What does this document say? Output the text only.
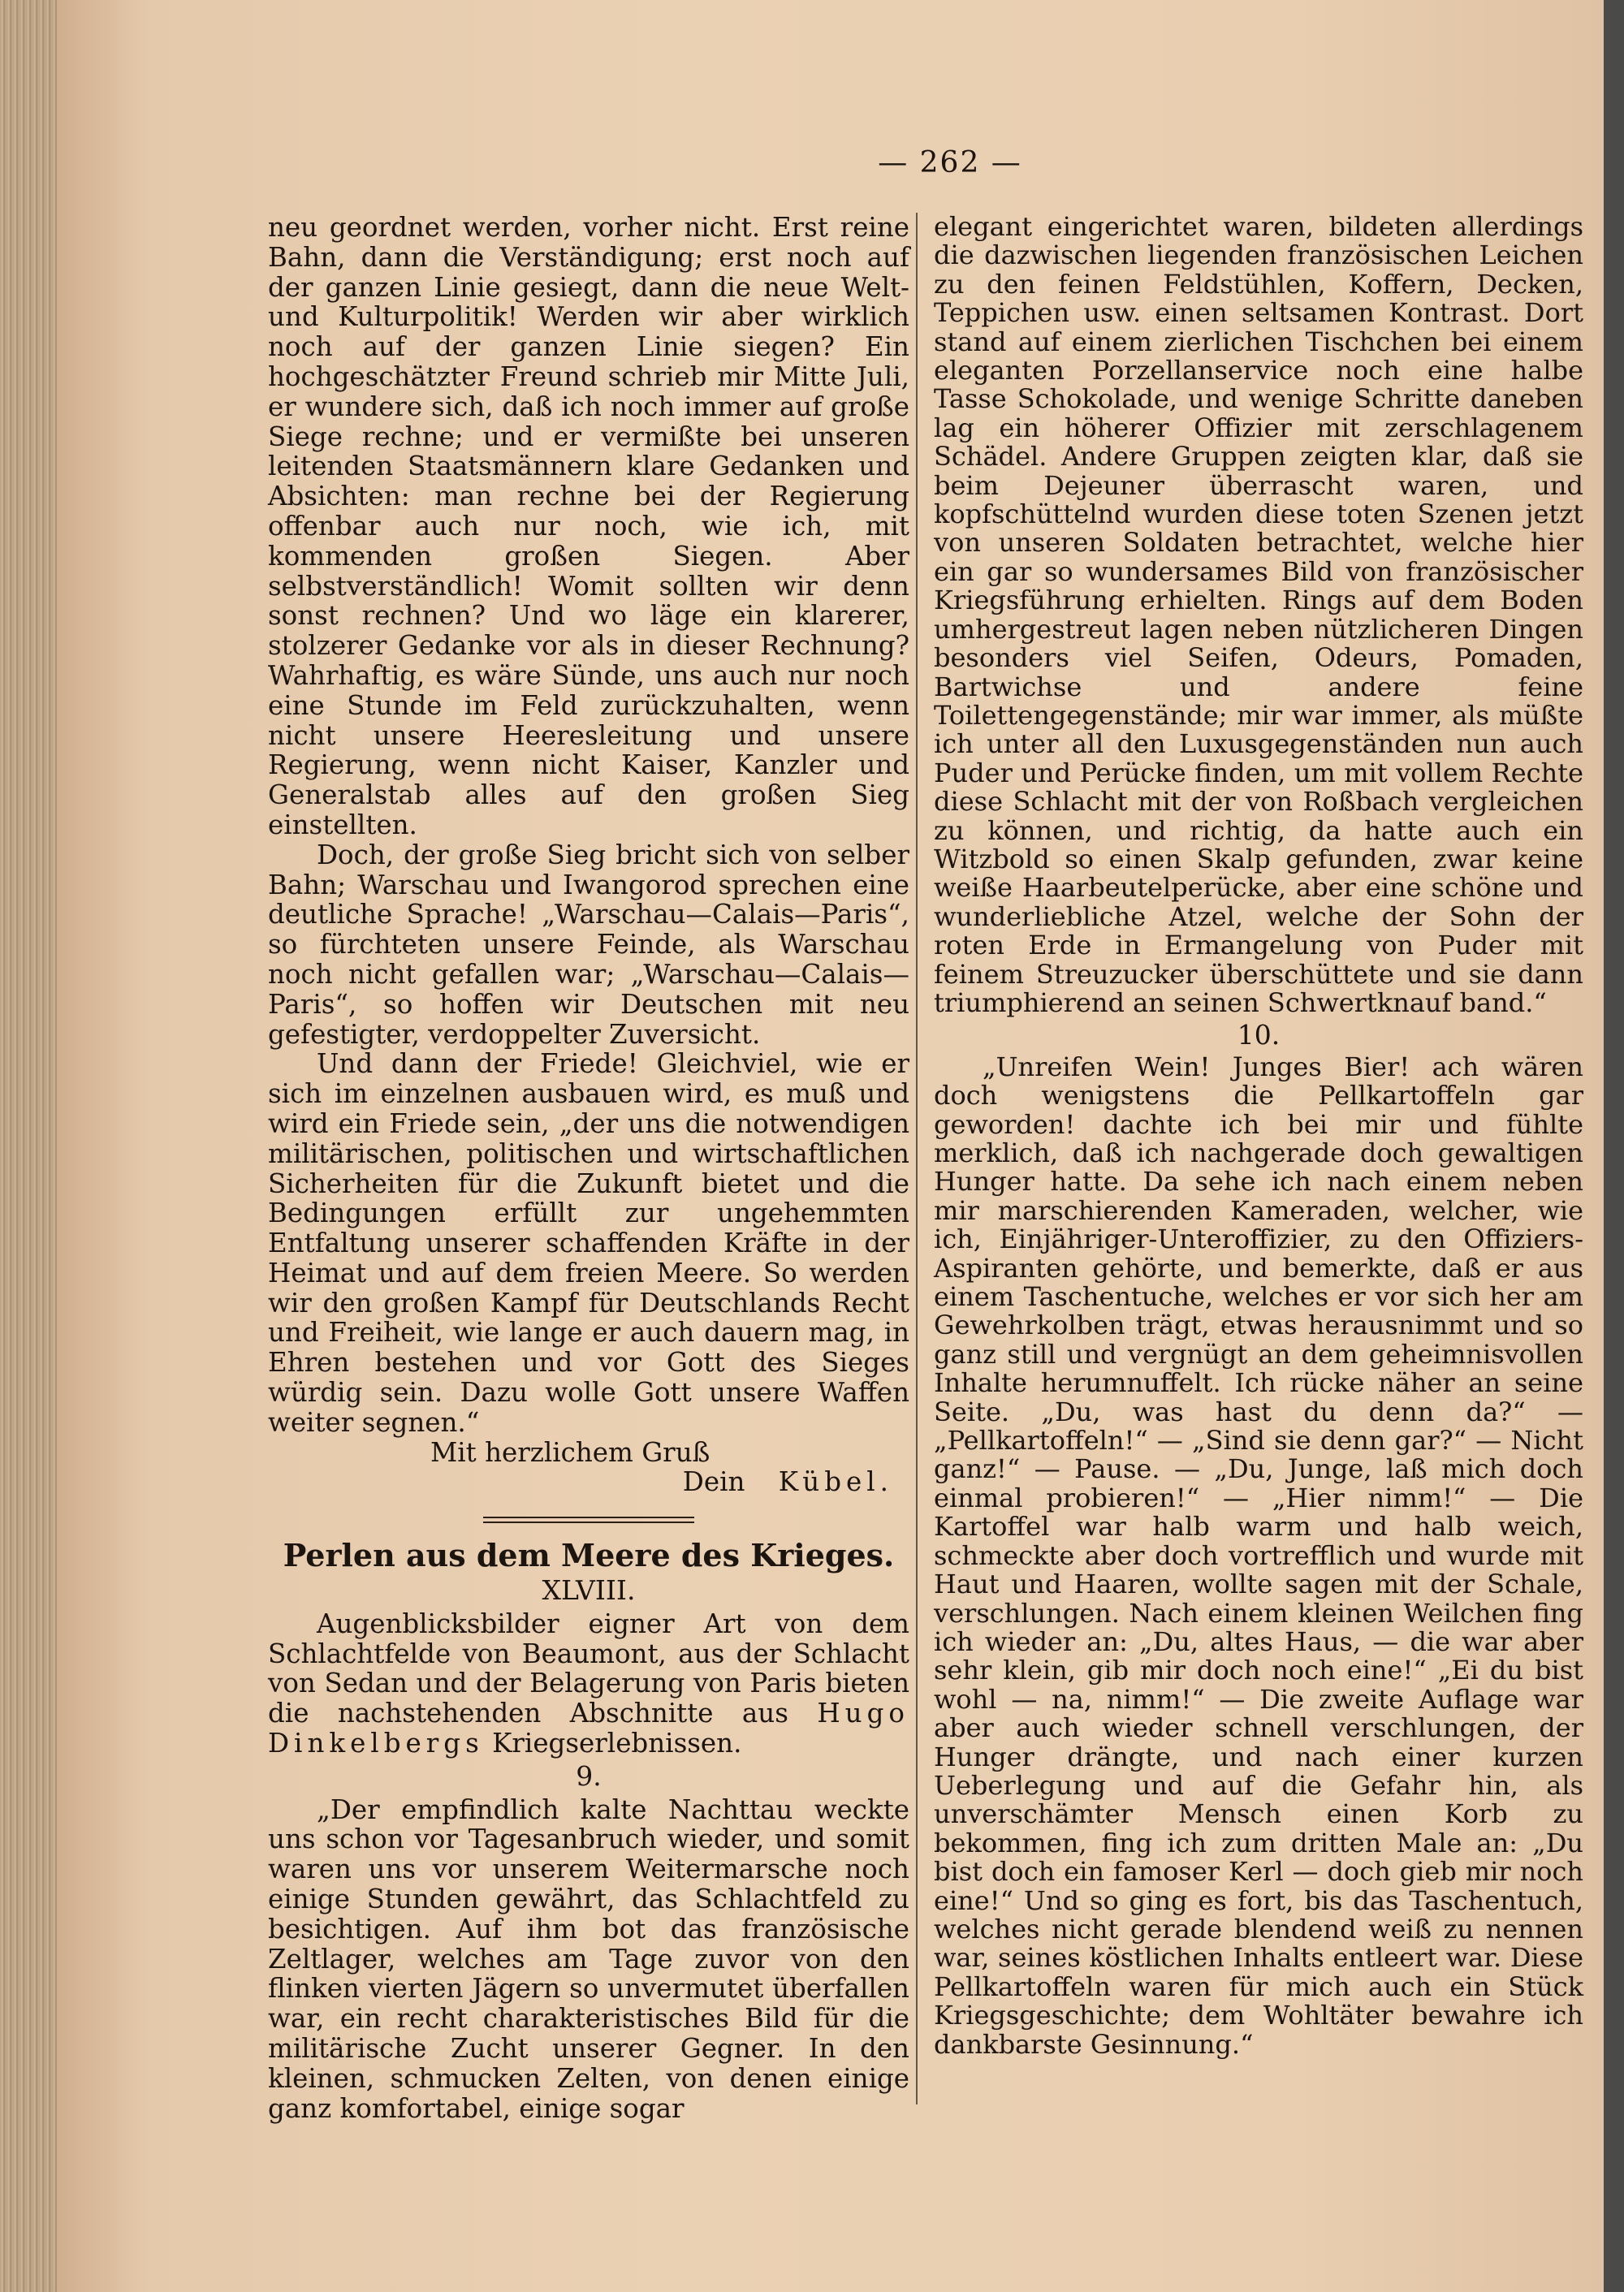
— 262 —

neu geordnet werden, vorher nicht. Erst reine Bahn, dann die Verständigung; erst noch auf der ganzen Linie gesiegt, dann die neue Welt- und Kulturpolitik! Werden wir aber wirklich noch auf der ganzen Linie siegen? Ein hochgeschätzter Freund schrieb mir Mitte Juli, er wundere sich, daß ich noch immer auf große Siege rechne; und er vermißte bei unseren leitenden Staatsmännern klare Gedanken und Absichten: man rechne bei der Regierung offenbar auch nur noch, wie ich, mit kommenden großen Siegen. Aber selbstverständlich! Womit sollten wir denn sonst rechnen? Und wo läge ein klarerer, stolzerer Gedanke vor als in dieser Rechnung? Wahrhaftig, es wäre Sünde, uns auch nur noch eine Stunde im Feld zurückzuhalten, wenn nicht unsere Heeresleitung und unsere Regierung, wenn nicht Kaiser, Kanzler und Generalstab alles auf den großen Sieg einstellten.

Doch, der große Sieg bricht sich von selber Bahn; Warschau und Iwangorod sprechen eine deutliche Sprache! „Warschau—Calais—Paris“, so fürchteten unsere Feinde, als Warschau noch nicht gefallen war; „Warschau—Calais—Paris“, so hoffen wir Deutschen mit neu gefestigter, verdoppelter Zuversicht.

Und dann der Friede! Gleichviel, wie er sich im einzelnen ausbauen wird, es muß und wird ein Friede sein, „der uns die notwendigen militärischen, politischen und wirtschaftlichen Sicherheiten für die Zukunft bietet und die Bedingungen erfüllt zur ungehemmten Entfaltung unserer schaffenden Kräfte in der Heimat und auf dem freien Meere. So werden wir den großen Kampf für Deutschlands Recht und Freiheit, wie lange er auch dauern mag, in Ehren bestehen und vor Gott des Sieges würdig sein. Dazu wolle Gott unsere Waffen weiter segnen.“

Mit herzlichem Gruß

Dein Kübel.

Perlen aus dem Meere des Krieges.
XLVIII.

Augenblicksbilder eigner Art von dem Schlachtfelde von Beaumont, aus der Schlacht von Sedan und der Belagerung von Paris bieten die nachstehenden Abschnitte aus Hugo Dinkelbergs Kriegserlebnissen.

9.

„Der empfindlich kalte Nachttau weckte uns schon vor Tagesanbruch wieder, und somit waren uns vor unserem Weitermarsche noch einige Stunden gewährt, das Schlachtfeld zu besichtigen. Auf ihm bot das französische Zeltlager, welches am Tage zuvor von den flinken vierten Jägern so unvermutet überfallen war, ein recht charakteristisches Bild für die militärische Zucht unserer Gegner. In den kleinen, schmucken Zelten, von denen einige ganz komfortabel, einige sogar

elegant eingerichtet waren, bildeten allerdings die dazwischen liegenden französischen Leichen zu den feinen Feldstühlen, Koffern, Decken, Teppichen usw. einen seltsamen Kontrast. Dort stand auf einem zierlichen Tischchen bei einem eleganten Porzellanservice noch eine halbe Tasse Schokolade, und wenige Schritte daneben lag ein höherer Offizier mit zerschlagenem Schädel. Andere Gruppen zeigten klar, daß sie beim Dejeuner überrascht waren, und kopfschüttelnd wurden diese toten Szenen jetzt von unseren Soldaten betrachtet, welche hier ein gar so wundersames Bild von französischer Kriegsführung erhielten. Rings auf dem Boden umhergestreut lagen neben nützlicheren Dingen besonders viel Seifen, Odeurs, Pomaden, Bartwichse und andere feine Toilettengegenstände; mir war immer, als müßte ich unter all den Luxusgegenständen nun auch Puder und Perücke finden, um mit vollem Rechte diese Schlacht mit der von Roßbach vergleichen zu können, und richtig, da hatte auch ein Witzbold so einen Skalp gefunden, zwar keine weiße Haarbeutelperücke, aber eine schöne und wunderliebliche Atzel, welche der Sohn der roten Erde in Ermangelung von Puder mit feinem Streuzucker überschüttete und sie dann triumphierend an seinen Schwertknauf band.“

10.

„Unreifen Wein! Junges Bier! ach wären doch wenigstens die Pellkartoffeln gar geworden! dachte ich bei mir und fühlte merklich, daß ich nachgerade doch gewaltigen Hunger hatte. Da sehe ich nach einem neben mir marschierenden Kameraden, welcher, wie ich, Einjähriger-Unteroffizier, zu den Offiziers-Aspiranten gehörte, und bemerkte, daß er aus einem Taschentuche, welches er vor sich her am Gewehrkolben trägt, etwas herausnimmt und so ganz still und vergnügt an dem geheimnisvollen Inhalte herumnuffelt. Ich rücke näher an seine Seite. „Du, was hast du denn da?“ — „Pellkartoffeln!“ — „Sind sie denn gar?“ — Nicht ganz!“ — Pause. — „Du, Junge, laß mich doch einmal probieren!“ — „Hier nimm!“ — Die Kartoffel war halb warm und halb weich, schmeckte aber doch vortrefflich und wurde mit Haut und Haaren, wollte sagen mit der Schale, verschlungen. Nach einem kleinen Weilchen fing ich wieder an: „Du, altes Haus, — die war aber sehr klein, gib mir doch noch eine!“ „Ei du bist wohl — na, nimm!“ — Die zweite Auflage war aber auch wieder schnell verschlungen, der Hunger drängte, und nach einer kurzen Ueberlegung und auf die Gefahr hin, als unverschämter Mensch einen Korb zu bekommen, fing ich zum dritten Male an: „Du bist doch ein famoser Kerl — doch gieb mir noch eine!“ Und so ging es fort, bis das Taschentuch, welches nicht gerade blendend weiß zu nennen war, seines köstlichen Inhalts entleert war. Diese Pellkartoffeln waren für mich auch ein Stück Kriegsgeschichte; dem Wohltäter bewahre ich dankbarste Gesinnung.“
